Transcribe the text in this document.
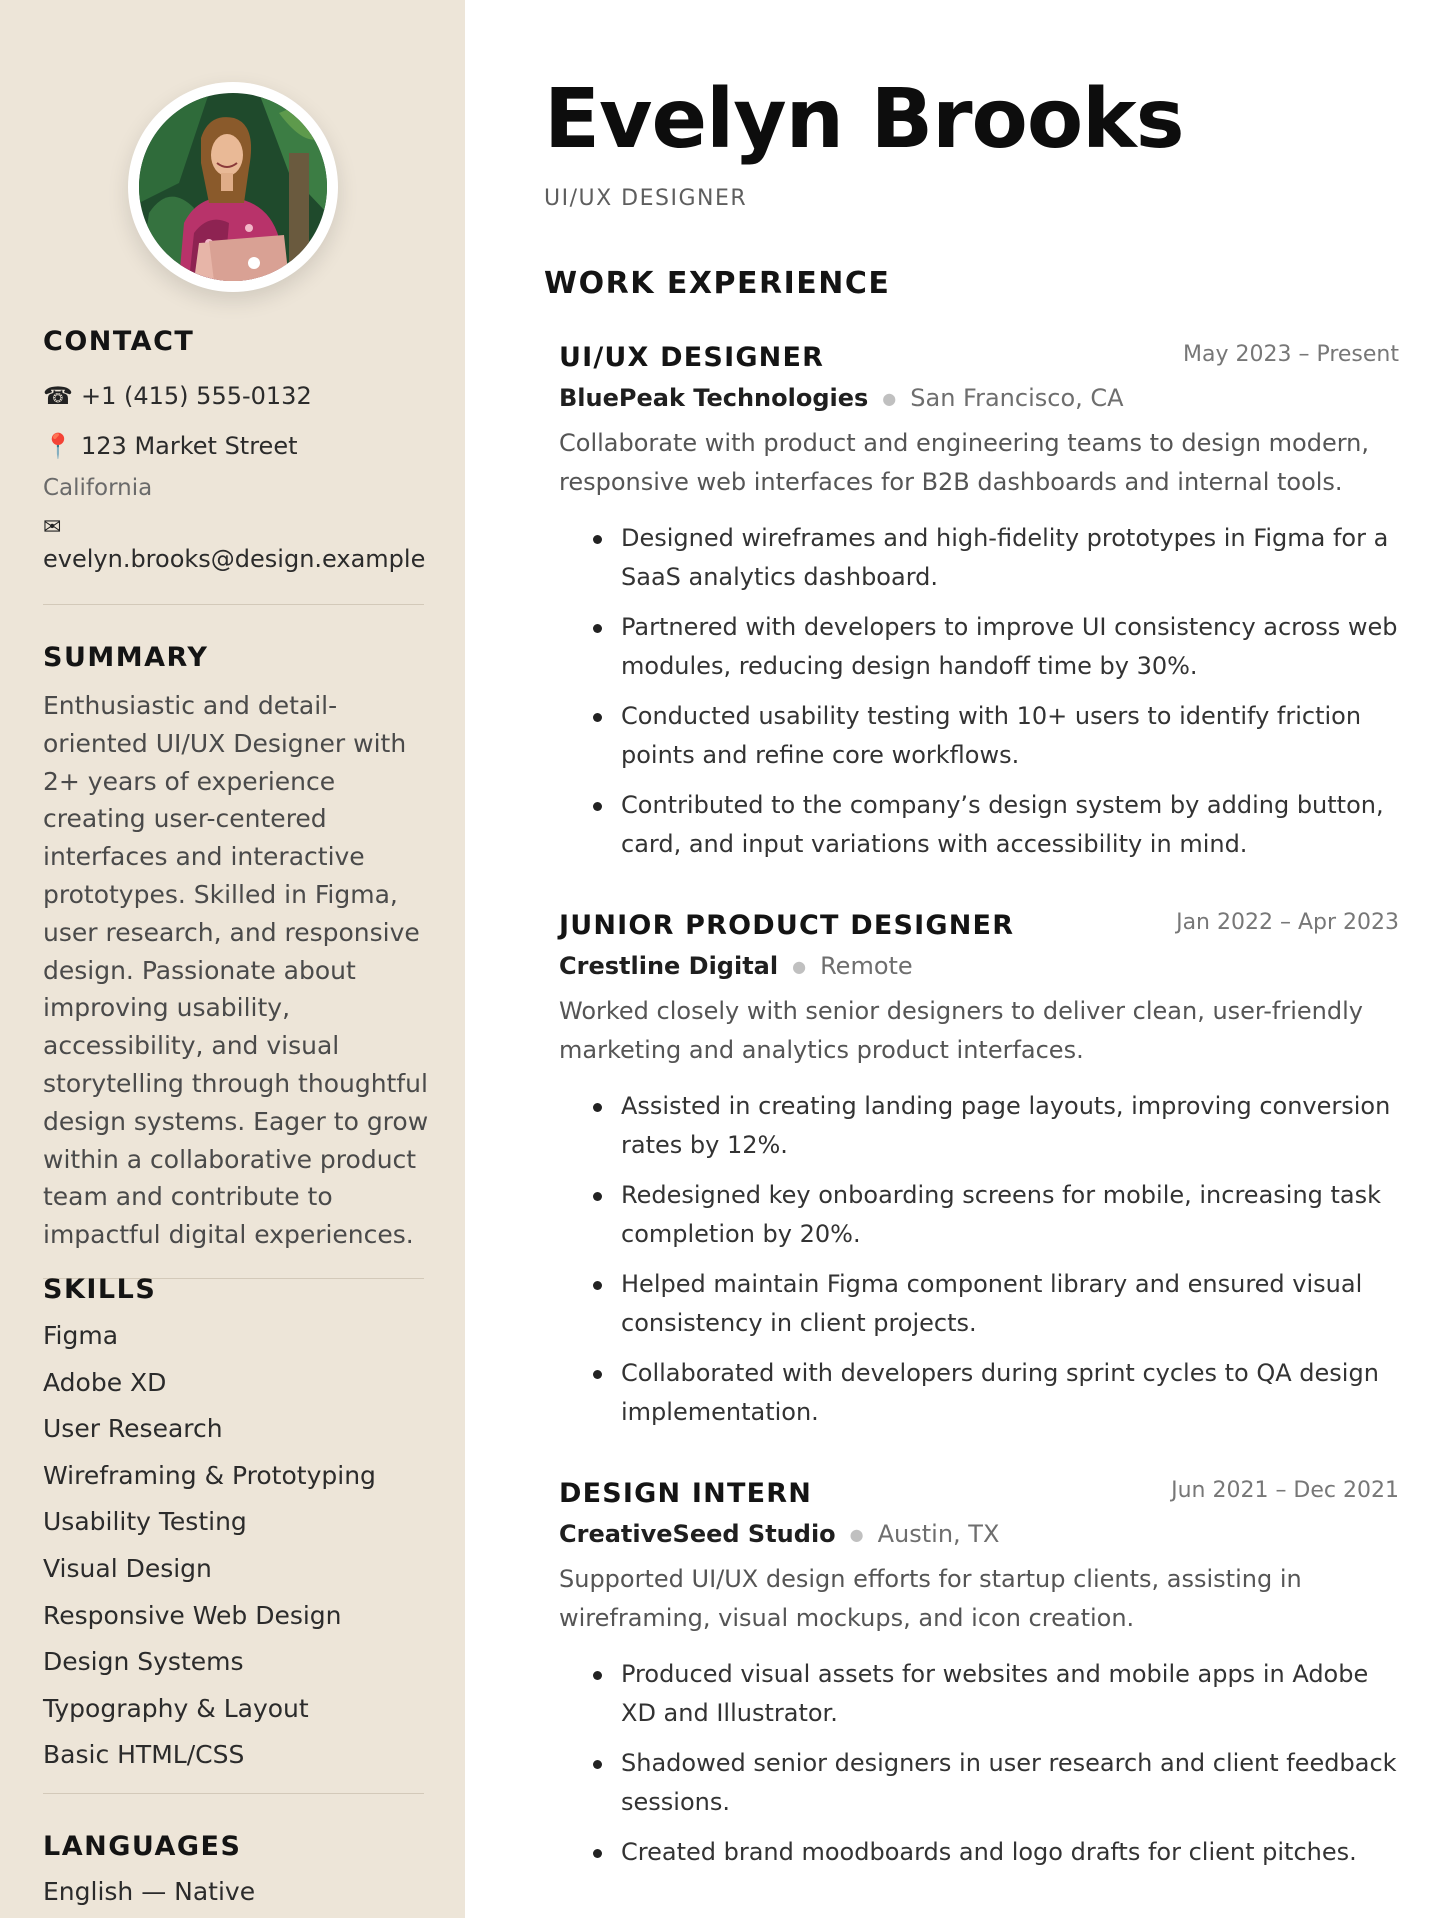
CONTACT
☎ +1 (415) 555-0132
📍 123 Market Street
California
✉
evelyn.brooks@design.example
SUMMARY

Enthusiastic and detail-oriented UI/UX Designer with 2+ years of experience creating user-centered interfaces and interactive prototypes. Skilled in Figma, user research, and responsive design. Passionate about improving usability, accessibility, and visual storytelling through thoughtful design systems. Eager to grow within a collaborative product team and contribute to impactful digital experiences.

SKILLS
Figma
Adobe XD
User Research
Wireframing & Prototyping
Usability Testing
Visual Design
Responsive Web Design
Design Systems
Typography & Layout
Basic HTML/CSS
LANGUAGES
English — Native
Evelyn Brooks
UI/UX DESIGNER
WORK EXPERIENCE
UI/UX DESIGNER	May 2023 – Present
BluePeak Technologies ● San Francisco, CA

Collaborate with product and engineering teams to design modern, responsive web interfaces for B2B dashboards and internal tools.

Designed wireframes and high-fidelity prototypes in Figma for a SaaS analytics dashboard.
Partnered with developers to improve UI consistency across web modules, reducing design handoff time by 30%.
Conducted usability testing with 10+ users to identify friction points and refine core workflows.
Contributed to the company’s design system by adding button, card, and input variations with accessibility in mind.
JUNIOR PRODUCT DESIGNER	Jan 2022 – Apr 2023
Crestline Digital ● Remote

Worked closely with senior designers to deliver clean, user-friendly marketing and analytics product interfaces.

Assisted in creating landing page layouts, improving conversion rates by 12%.
Redesigned key onboarding screens for mobile, increasing task completion by 20%.
Helped maintain Figma component library and ensured visual consistency in client projects.
Collaborated with developers during sprint cycles to QA design implementation.
DESIGN INTERN	Jun 2021 – Dec 2021
CreativeSeed Studio ● Austin, TX

Supported UI/UX design efforts for startup clients, assisting in wireframing, visual mockups, and icon creation.

Produced visual assets for websites and mobile apps in Adobe XD and Illustrator.
Shadowed senior designers in user research and client feedback sessions.
Created brand moodboards and logo drafts for client pitches.
